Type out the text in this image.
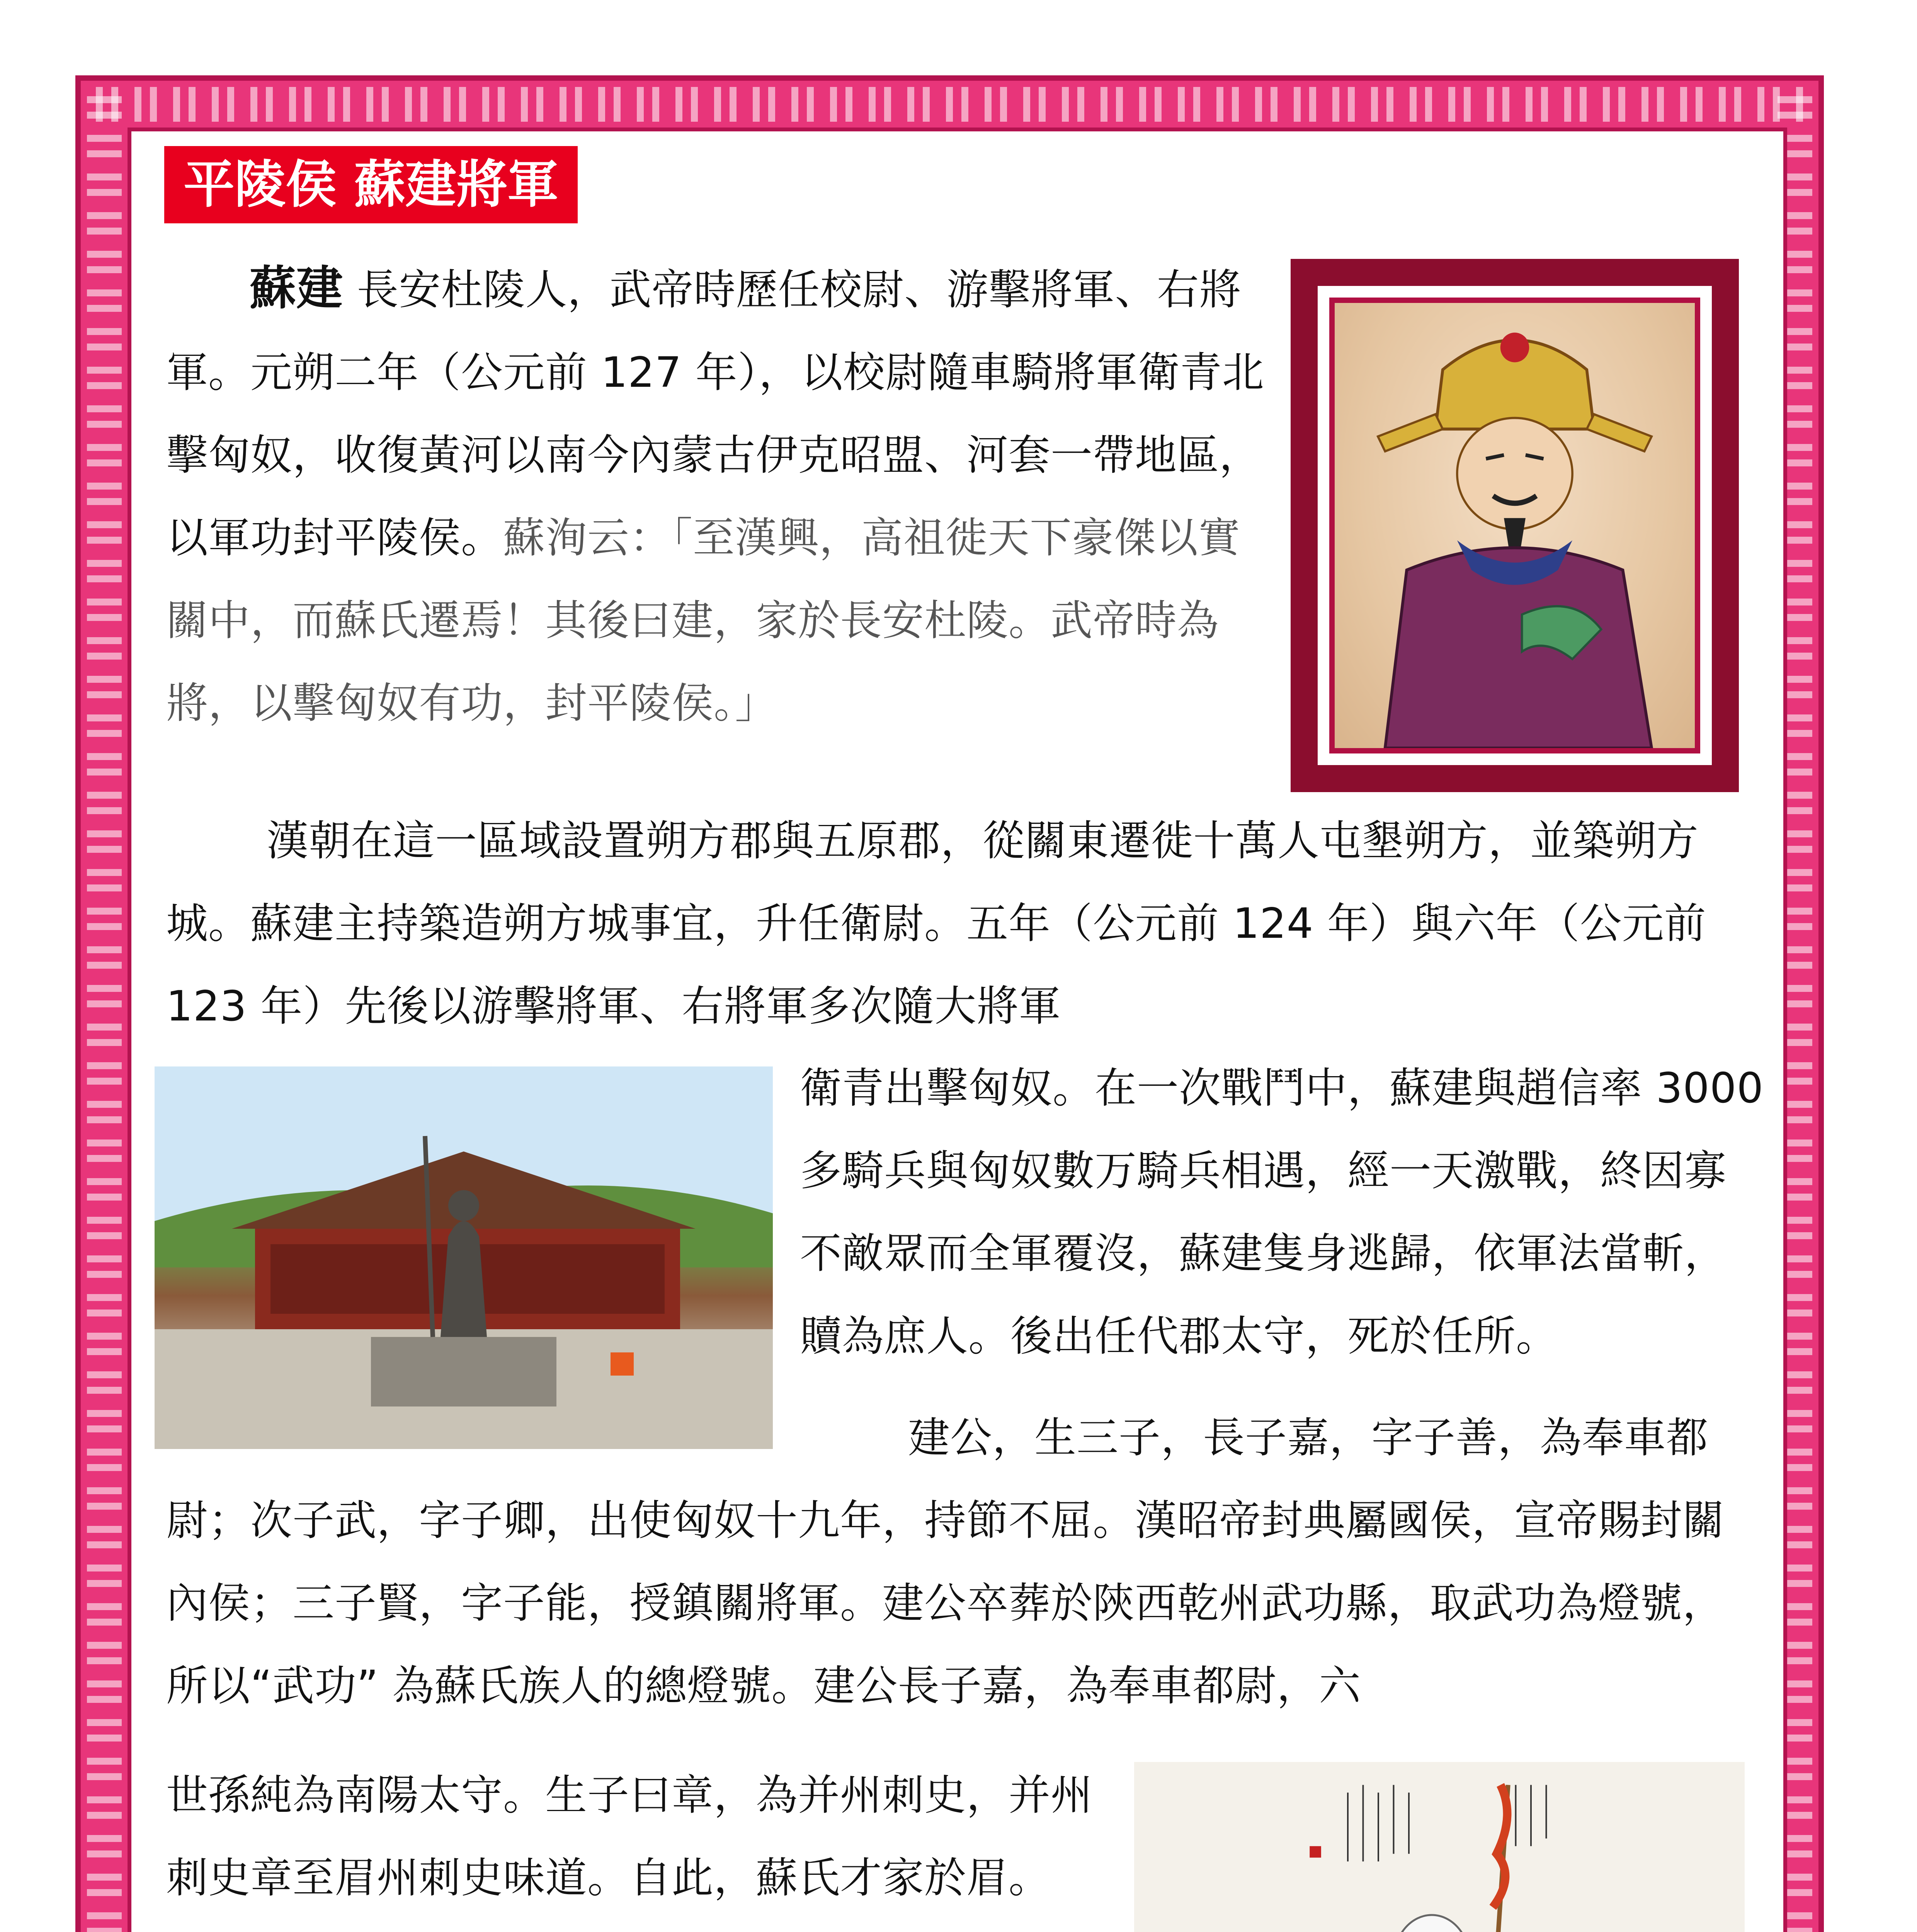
平陵侯 蘇建將軍
蘇建 長安杜陵人，武帝時歷任校尉、游擊將軍、右將軍。元朔二年（公元前 127 年），以校尉隨車騎將軍衛青北擊匈奴，收復黃河以南今內蒙古伊克昭盟、河套一帶地區，以軍功封平陵侯。蘇洵云：「至漢興，高祖徙天下豪傑以實關中，而蘇氏遷焉！其後曰建，家於長安杜陵。武帝時為將，以擊匈奴有功，封平陵侯。」
漢朝在這一區域設置朔方郡與五原郡，從關東遷徙十萬人屯墾朔方，並築朔方城。蘇建主持築造朔方城事宜，升任衛尉。五年（公元前 124 年）與六年（公元前 123 年）先後以游擊將軍、右將軍多次隨大將軍
衛青出擊匈奴。在一次戰鬥中，蘇建與趙信率 3000 多騎兵與匈奴數万騎兵相遇，經一天激戰，終因寡不敵眾而全軍覆沒，蘇建隻身逃歸，依軍法當斬，贖為庶人。後出任代郡太守，死於任所。
建公，生三子，長子嘉，字子善，為奉車都尉；次子武，字子卿，出使匈奴十九年，持節不屈。漢昭帝封典屬國侯，宣帝賜封關內侯；三子賢，字子能，授鎮關將軍。建公卒葬於陝西乾州武功縣，取武功為燈號，所以“武功” 為蘇氏族人的總燈號。建公長子嘉，為奉車都尉，六
世孫純為南陽太守。生子曰章，為并州刺史，并州刺史章至眉州刺史味道。自此，蘇氏才家於眉。
